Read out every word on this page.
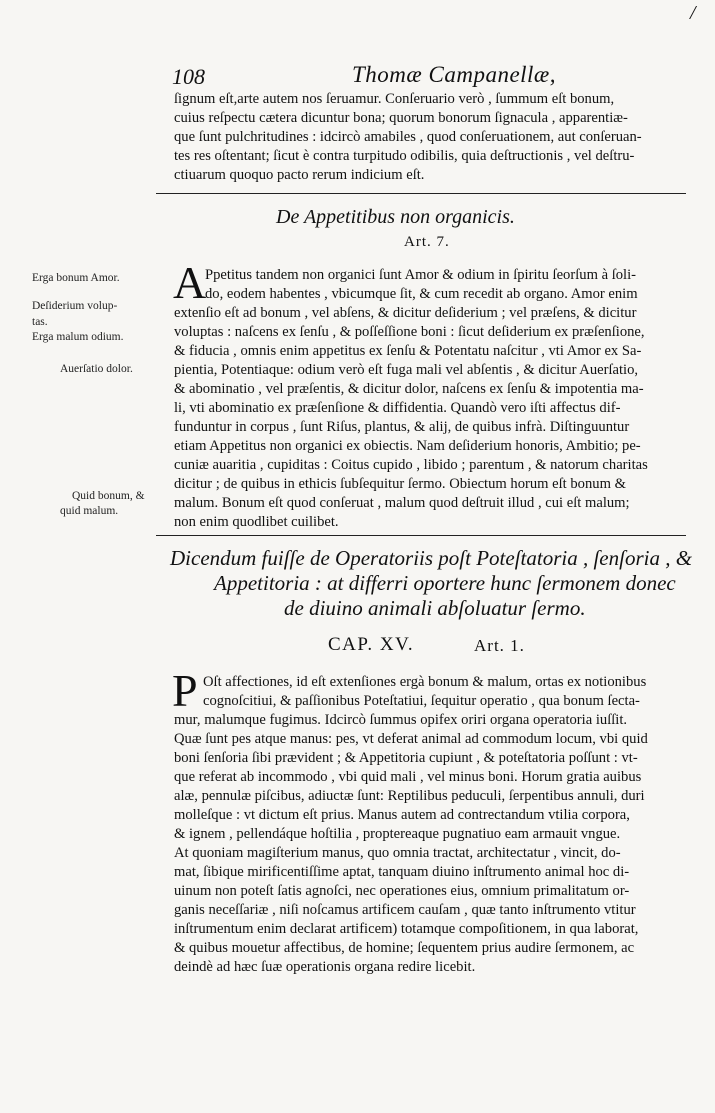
/
108	Thomæ Campanellæ,
ſignum eſt,arte autem nos ſeruamur. Conſeruario verò , ſummum eſt bonum,
cuius reſpectu cætera dicuntur bona; quorum bonorum ſignacula , apparentiæ-
que ſunt pulchritudines : idcircò amabiles , quod conſeruationem, aut conſeruan-
tes res oſtentant; ſicut è contra turpitudo odibilis, quia deſtructionis , vel deſtru-
ctiuarum quoquo pacto rerum indicium eſt.
De Appetitibus non organicis.
Art. 7.
Erga bonum Amor.
Deſiderium volup-
tas.
Erga malum odium.
Auerſatio dolor.
Quid bonum, &
quid malum.
A
Ppetitus tandem non organici ſunt Amor & odium in ſpiritu ſeorſum à ſoli-
do, eodem habentes , vbicumque ſit, & cum recedit ab organo. Amor enim
extenſio eſt ad bonum , vel abſens, & dicitur deſiderium ; vel præſens, & dicitur
voluptas : naſcens ex ſenſu , & poſſeſſione boni : ſicut deſiderium ex præſenſione,
& fiducia , omnis enim appetitus ex ſenſu & Potentatu naſcitur , vti Amor ex Sa-
pientia, Potentiaque: odium verò eſt fuga mali vel abſentis , & dicitur Auerſatio,
& abominatio , vel præſentis, & dicitur dolor, naſcens ex ſenſu & impotentia ma-
li, vti abominatio ex præſenſione & diffidentia. Quandò vero iſti affectus dif-
funduntur in corpus , ſunt Riſus, plantus, & alij, de quibus infrà. Diſtinguuntur
etiam Appetitus non organici ex obiectis. Nam deſiderium honoris, Ambitio; pe-
cuniæ auaritia , cupiditas : Coitus cupido , libido ; parentum , & natorum charitas
dicitur ; de quibus in ethicis ſubſequitur ſermo. Obiectum horum eſt bonum &
malum. Bonum eſt quod conſeruat , malum quod deſtruit illud , cui eſt malum;
non enim quodlibet cuilibet.
Dicendum fuiſſe de Operatoriis poſt Poteſtatoria , ſenſoria , &
Appetitoria : at differri oportere hunc ſermonem donec
de diuino animali abſoluatur ſermo.
CAP. XV.	Art. 1.
P Oſt affectiones, id eſt extenſiones ergà bonum & malum, ortas ex notionibus
cognoſcitiui, & paſſionibus Poteſtatiui, ſequitur operatio , qua bonum ſecta-
mur, malumque fugimus. Idcircò ſummus opifex oriri organa operatoria iuſſit.
Quæ ſunt pes atque manus: pes, vt deferat animal ad commodum locum, vbi quid
boni ſenſoria ſibi prævident ; & Appetitoria cupiunt , & poteſtatoria poſſunt : vt-
que referat ab incommodo , vbi quid mali , vel minus boni. Horum gratia auibus
alæ, pennulæ piſcibus, adiuctæ ſunt: Reptilibus peduculi, ſerpentibus annuli, duri
molleſque : vt dictum eſt prius. Manus autem ad contrectandum vtilia corpora,
& ignem , pellendáque hoſtilia , proptereaque pugnatiuo eam armauit vngue.
At quoniam magiſterium manus, quo omnia tractat, architectatur , vincit, do-
mat, ſibique mirificentiſſime aptat, tanquam diuino inſtrumento animal hoc di-
uinum non poteſt ſatis agnoſci, nec operationes eius, omnium primalitatum or-
ganis neceſſariæ , niſi noſcamus artificem cauſam , quæ tanto inſtrumento vtitur
inſtrumentum enim declarat artificem) totamque compoſitionem, in qua laborat,
& quibus mouetur affectibus, de homine; ſequentem prius audire ſermonem, ac
deindè ad hæc ſuæ operationis organa redire licebit.
